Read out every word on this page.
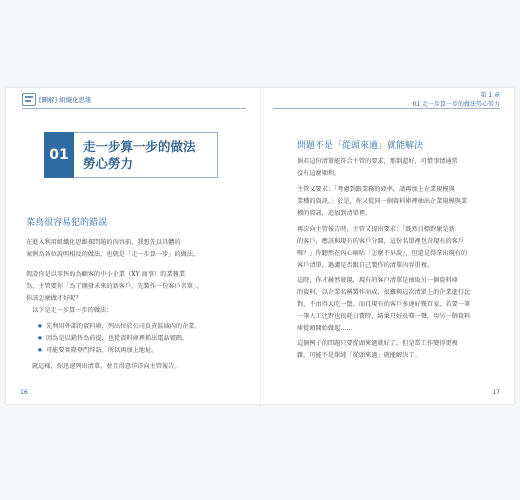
[圖解] 組織化思維
01
走一步算一步的做法
勞心勞力
菜鳥很容易犯的錯誤

在進入利用組織化思維探問題的內容前，我想先以具體的
案例為各位說明相反的做法，也就是「走一步算一步」的做法。

假設你是以零售海為顧客的中小企業（XY 商事）的業務業
為，主管要你「為了開發未來的新客戶，先製作一份客戶名單」，
你該怎麼做才好呢？

以下是走一步算一步的做法：

● 先利用外部的資料庫，列出位於公司負責區域內的企業。
● 因為是以銷售為前提，也從資料庫裡抓出電話號碼。
● 可能要實際登門拜訪，所以再加上地址。

就這樣，你迅速列出清單，並且得意洋洋向主管報告。

16
第 1 章
01 走一步算一步的做法勞心勞力
問題不是「從頭來過」就能解決

倘若這份清單能符合主管的要求，那倒還好，可惜事情通常
沒有這麼順利。

主管又要求：「考慮到跟業務的效率，請再加上企業規模與
業種的資訊。」於是，你又從同一個資料庫裡抽出企業規模與業
種的資訊，追加到清單裡。

再次向主管報告時，主管又提出要求：「既然目標對象是新
的客戶，應該與現有的客戶分開，這份名單裡包含現有的客戶
嗎？」你聽然在內心嘀咕「怎麼不早說」，但還是得拿出現有的
客戶清單，過濾是否跟自己製作的清單內容重複。

這時，你才赫然發現，現有的客戶清單是抽取另一個資料庫
的資料，以企業名稱製作而成，很難與這次清單上的企業進行比
對，不由得大吃一驚。而且現有的客戶多達好幾百家，若要一筆
一筆人工比對也很耗日費時，結果只好長嘆一聲，用另一個資料
庫從頭開始做起……

這個例子的問題只要從頭來過就好了，但是當工作變得更複
雜，可能不是單純「從頭來過」就能解決了。

17
